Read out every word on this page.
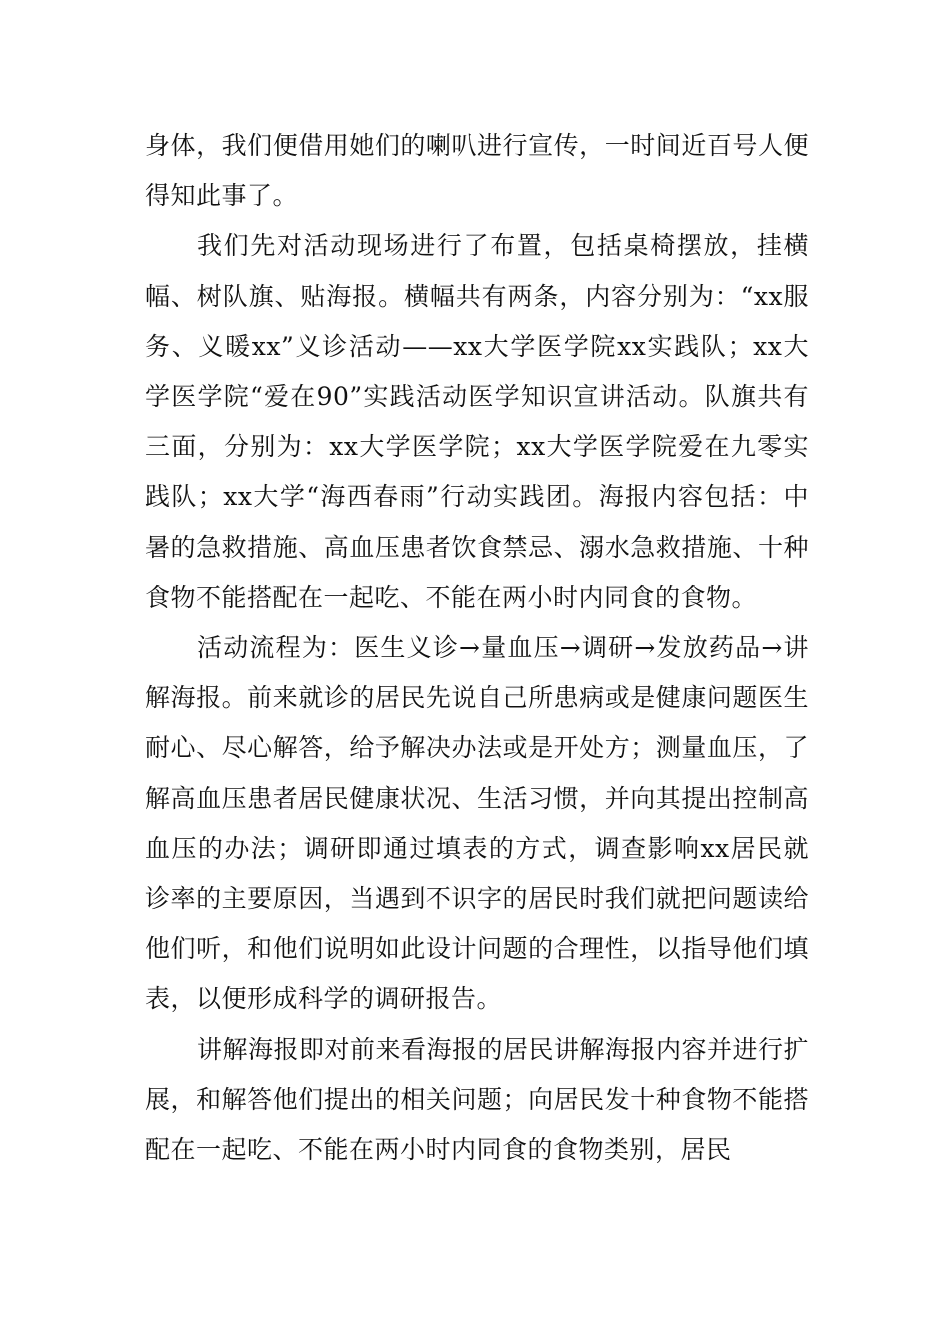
身体，我们便借用她们的喇叭进行宣传，一时间近百号人便得知此事了。

我们先对活动现场进行了布置，包括桌椅摆放，挂横幅、树队旗、贴海报。横幅共有两条，内容分别为：“xx服务、义暖xx”义诊活动——xx大学医学院xx实践队；xx大学医学院“爱在90”实践活动医学知识宣讲活动。队旗共有三面，分别为：xx大学医学院；xx大学医学院爱在九零实践队；xx大学“海西春雨”行动实践团。海报内容包括：中暑的急救措施、高血压患者饮食禁忌、溺水急救措施、十种食物不能搭配在一起吃、不能在两小时内同食的食物。

活动流程为：医生义诊→量血压→调研→发放药品→讲解海报。前来就诊的居民先说自己所患病或是健康问题医生耐心、尽心解答，给予解决办法或是开处方；测量血压，了解高血压患者居民健康状况、生活习惯，并向其提出控制高血压的办法；调研即通过填表的方式，调查影响xx居民就诊率的主要原因，当遇到不识字的居民时我们就把问题读给他们听，和他们说明如此设计问题的合理性，以指导他们填表，以便形成科学的调研报告。

讲解海报即对前来看海报的居民讲解海报内容并进行扩展，和解答他们提出的相关问题；向居民发十种食物不能搭配在一起吃、不能在两小时内同食的食物类别，居民
